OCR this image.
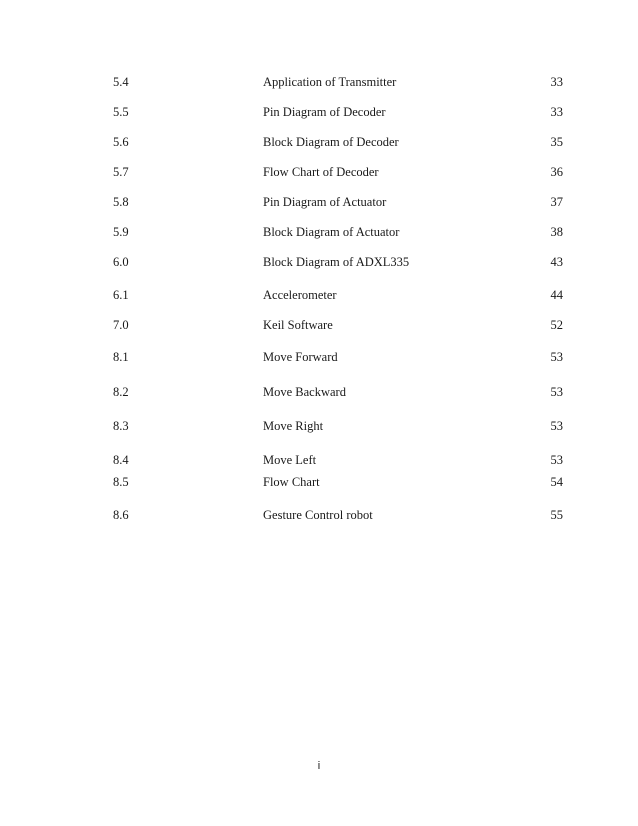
5.4	Application of Transmitter	33
5.5	Pin Diagram of Decoder	33
5.6	Block Diagram of Decoder	35
5.7	Flow Chart of Decoder	36
5.8	Pin Diagram of Actuator	37
5.9	Block Diagram of Actuator	38
6.0	Block Diagram of ADXL335	43
6.1	Accelerometer	44
7.0	Keil Software	52
8.1	Move Forward	53
8.2	Move Backward	53
8.3	Move Right	53
8.4	Move Left	53
8.5	Flow Chart	54
8.6	Gesture Control robot	55
i
